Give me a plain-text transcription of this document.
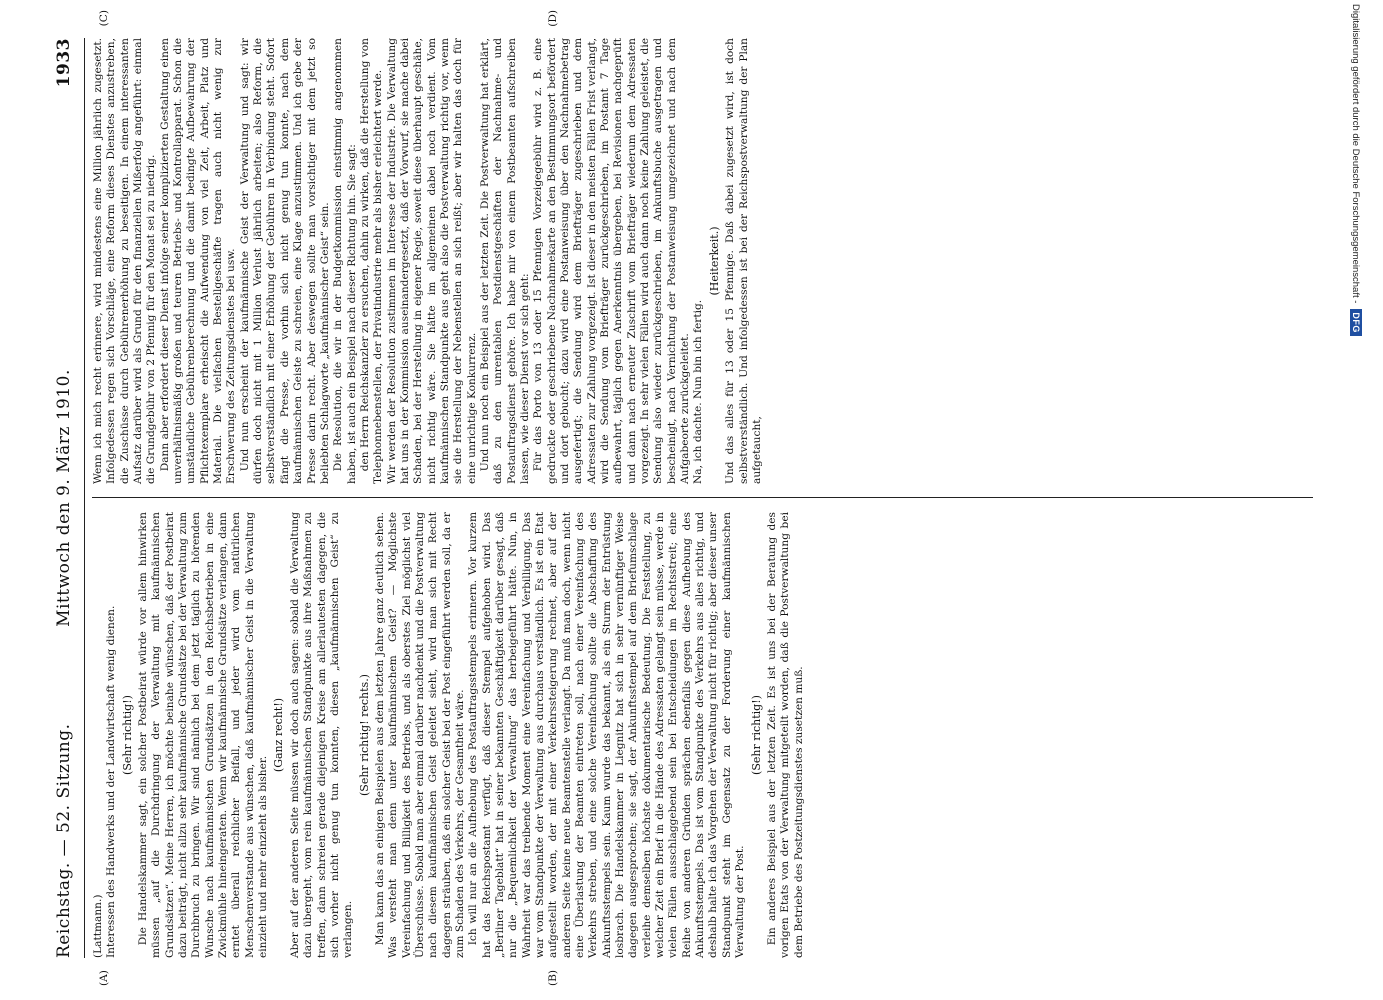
Reichstag. — 52. Sitzung.
Mittwoch den 9. März 1910.
1933
(A)	(B)

(Lattmann.) Interessen des Handwerks und der Landwirtschaft wenig dienen. (Sehr richtig!) Die Handelskammer sagt, ein solcher Postbeirat würde vor allem hinwirken müssen „auf die Durchdringung der Verwaltung mit kaufmännischen Grundsätzen“. Meine Herren, ich möchte beinahe wünschen, daß der Postbeirat dazu beiträgt, nicht allzu sehr kaufmännische Grundsätze bei der Verwaltung zum Durchbruch zu bringen. Wir sind nämlich bei dem jetzt täglich zu hörenden Wunsche nach kaufmännischen Grundsätzen in den Reichsbetrieben in eine Zwickmühle hineingeraten. Wenn wir kaufmännische Grundsätze verlangen, dann erntet überall reichlicher Beifall, und jeder wird vom natürlichen Menschenverstande aus wünschen, daß kaufmännischer Geist in die Verwaltung einzieht und mehr einzieht als bisher.

(Ganz recht!) Aber auf der anderen Seite müssen wir doch auch sagen: sobald die Verwaltung dazu übergeht, vom rein kaufmännischen Standpunkte aus ihre Maßnahmen zu treffen, dann schreien gerade diejenigen Kreise am allerlautesten dagegen, die sich vorher nicht genug tun konnten, diesen „kaufmännischen Geist“ zu verlangen.

(Sehr richtig! rechts.) Man kann das an einigen Beispielen aus dem letzten Jahre ganz deutlich sehen. Was versteht man denn unter kaufmännischem Geist? — Möglichste Vereinfachung und Billigkeit des Betriebs, und als oberstes Ziel möglichst viel Überschüsse. Sobald man aber einmal darüber nachdenkt und die Postverwaltung nach diesem kaufmännischen Geist geleitet sieht, wird man sich mit Recht dagegen sträuben, daß ein solcher Geist bei der Post eingeführt werden soll, da er zum Schaden des Verkehrs, der Gesamtheit wäre. Ich will nur an die Aufhebung des Postauftragsstempels erinnern. Vor kurzem hat das Reichspostamt verfügt, daß dieser Stempel aufgehoben wird. Das „Berliner Tageblatt“ hat in seiner bekannten Geschäftigkeit darüber gesagt, daß nur die „Bequemlichkeit der Verwaltung“ das herbeigeführt hätte. Nun, in Wahrheit war das treibende Moment eine Vereinfachung und Verbilligung. Das war vom Standpunkte der Verwaltung aus durchaus verständlich. Es ist ein Etat aufgestellt worden, der mit einer Verkehrssteigerung rechnet, aber auf der anderen Seite keine neue Beamtenstelle verlangt. Da muß man doch, wenn nicht eine Überlastung der Beamten eintreten soll, nach einer Vereinfachung des Verkehrs streben, und eine solche Vereinfachung sollte die Abschaffung des Ankunftsstempels sein. Kaum wurde das bekannt, als ein Sturm der Entrüstung losbrach. Die Handelskammer in Liegnitz hat sich in sehr vernünftiger Weise dagegen ausgesprochen; sie sagt, der Ankunftsstempel auf dem Briefumschlage verleihe demselben höchste dokumentarische Bedeutung. Die Feststellung, zu welcher Zeit ein Brief in die Hände des Adressaten gelangt sein müsse, werde in vielen Fällen ausschlaggebend sein bei Entscheidungen im Rechtsstreit; eine Reihe von anderen Gründen sprächen ebenfalls gegen diese Aufhebung des Ankunftsstempels. Das ist vom Standpunkte des Verkehrs aus alles richtig, und deshalb halte ich das Vorgehen der Verwaltung nicht für richtig; aber dieser unser Standpunkt steht im Gegensatz zu der Forderung einer kaufmännischen Verwaltung der Post.

(Sehr richtig!) Ein anderes Beispiel aus der letzten Zeit. Es ist uns bei der Beratung des vorigen Etats von der Verwaltung mitgeteilt worden, daß die Postverwaltung bei dem Betriebe des Postzeitungsdienstes zusetzen muß.

(C)	(D)

Wenn ich mich recht erinnere, wird mindestens eine Million jährlich zugesetzt. Infolgedessen regen sich Vorschläge, eine Reform dieses Dienstes anzustreben, die Zuschüsse durch Gebührenerhöhung zu beseitigen. In einem interessanten Aufsatz darüber wird als Grund für den finanziellen Mißerfolg angeführt: einmal die Grundgebühr von 2 Pfennig für den Monat sei zu niedrig. Dann aber erfordert dieser Dienst infolge seiner komplizierten Gestaltung einen unverhältnismäßig großen und teuren Betriebs- und Kontrollapparat. Schon die umständliche Gebührenberechnung und die damit bedingte Aufbewahrung der Pflichtexemplare erheischt die Aufwendung von viel Zeit, Arbeit, Platz und Material. Die vielfachen Bestellgeschäfte tragen auch nicht wenig zur Erschwerung des Zeitungsdienstes bei usw. Und nun erscheint der kaufmännische Geist der Verwaltung und sagt: wir dürfen doch nicht mit 1 Million Verlust jährlich arbeiten; also Reform, die selbstverständlich mit einer Erhöhung der Gebühren in Verbindung steht. Sofort fängt die Presse, die vorhin sich nicht genug tun konnte, nach dem kaufmännischen Geiste zu schreien, eine Klage anzustimmen. Und ich gebe der Presse darin recht. Aber deswegen sollte man vorsichtiger mit dem jetzt so beliebten Schlagworte „kaufmännischer Geist“ sein. Die Resolution, die wir in der Budgetkommission einstimmig angenommen haben, ist auch ein Beispiel nach dieser Richtung hin. Sie sagt: den Herrn Reichskanzler zu ersuchen, dahin zu wirken, daß die Herstellung von Telephonnebenstellen, der Privatindustrie mehr als bisher erleichtert werde. Wir werden der Resolution zustimmen im Interesse der Industrie. Die Verwaltung hat uns in der Kommission auseinandergesetzt, daß der Vorwurf, sie mache dabei Schaden, bei der Herstellung in eigener Regie, soweit diese überhaupt geschähe, nicht richtig wäre. Sie hätte im allgemeinen dabei noch verdient. Vom kaufmännischen Standpunkte aus geht also die Postverwaltung richtig vor, wenn sie die Herstellung der Nebenstellen an sich reißt; aber wir halten das doch für eine unrichtige Konkurrenz. Und nun noch ein Beispiel aus der letzten Zeit. Die Postverwaltung hat erklärt, daß zu den unrentablen Postdienstgeschäften der Nachnahme- und Postauftragsdienst gehöre. Ich habe mir von einem Postbeamten aufschreiben lassen, wie dieser Dienst vor sich geht: Für das Porto von 13 oder 15 Pfennigen Vorzeigegebühr wird z. B. eine gedruckte oder geschriebene Nachnahmekarte an den Bestimmungsort befördert und dort gebucht; dazu wird eine Postanweisung über den Nachnahmebetrag ausgefertigt; die Sendung wird dem Briefträger zugeschrieben und dem Adressaten zur Zahlung vorgezeigt. Ist dieser in den meisten Fällen Frist verlangt, wird die Sendung vom Briefträger zurückgeschrieben, im Postamt 7 Tage aufbewahrt, täglich gegen Anerkenntnis übergeben, bei Revisionen nachgeprüft und dann nach erneuter Zuschrift vom Briefträger wiederum dem Adressaten vorgezeigt. In sehr vielen Fällen wird auch dann noch keine Zahlung geleistet, die Sendung also wieder zurückgeschrieben, im Ankunftsbuche ausgetragen und bescheinigt, nach Vernichtung der Postanweisung umgezeichnet und nach dem Aufgabeorte zurückgeleitet. Na, ich dachte. Nun bin ich fertig.

(Heiterkeit.) Und das alles für 13 oder 15 Pfennige. Daß dabei zugesetzt wird, ist doch selbstverständlich. Und infolgedessen ist bei der Reichspostverwaltung der Plan aufgetaucht,

Digitalisierung gefördert durch die Deutsche Forschungsgemeinschaft -
DFG
